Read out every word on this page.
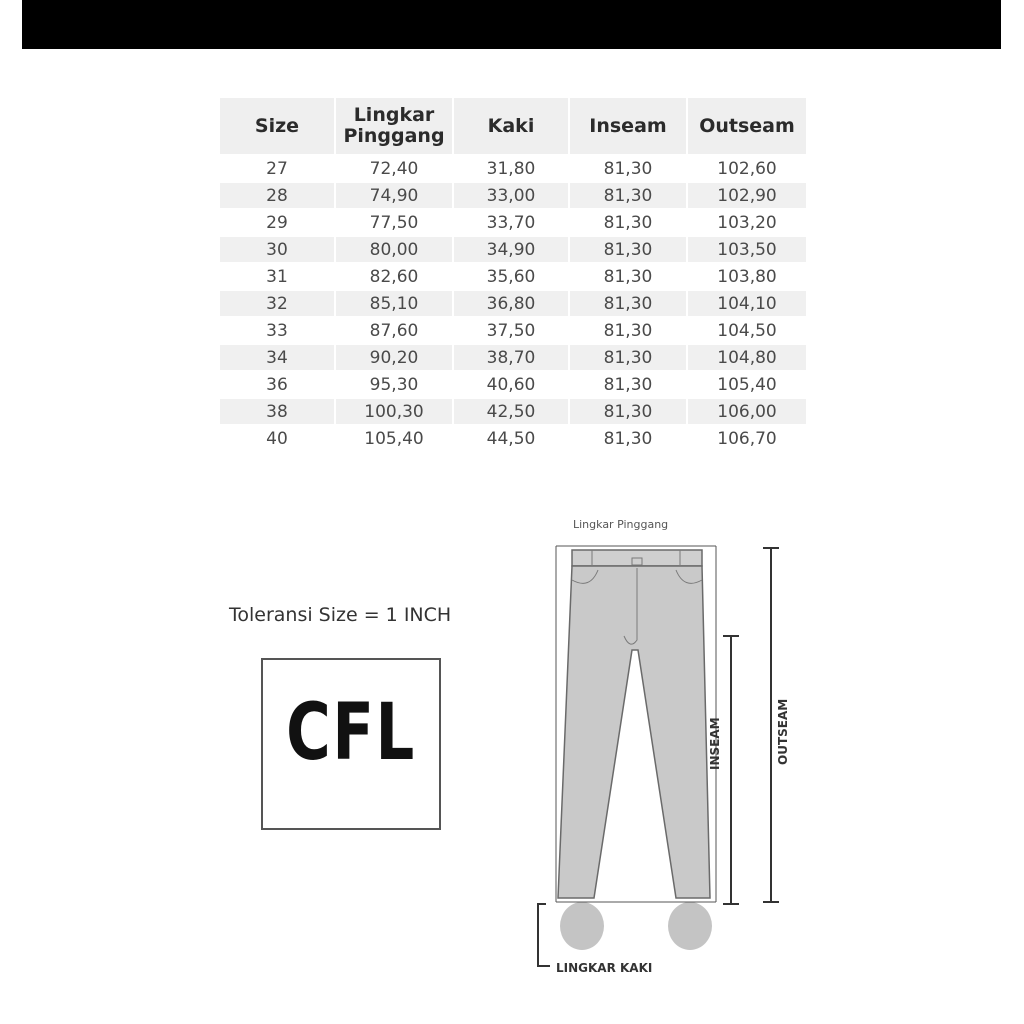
Size	Lingkar Pinggang	Kaki	Inseam	Outseam
27	72,40	31,80	81,30	102,60
28	74,90	33,00	81,30	102,90
29	77,50	33,70	81,30	103,20
30	80,00	34,90	81,30	103,50
31	82,60	35,60	81,30	103,80
32	85,10	36,80	81,30	104,10
33	87,60	37,50	81,30	104,50
34	90,20	38,70	81,30	104,80
36	95,30	40,60	81,30	105,40
38	100,30	42,50	81,30	106,00
40	105,40	44,50	81,30	106,70
Toleransi Size = 1 INCH
CFL
Lingkar Pinggang
INSEAM	OUTSEAM
LINGKAR KAKI
